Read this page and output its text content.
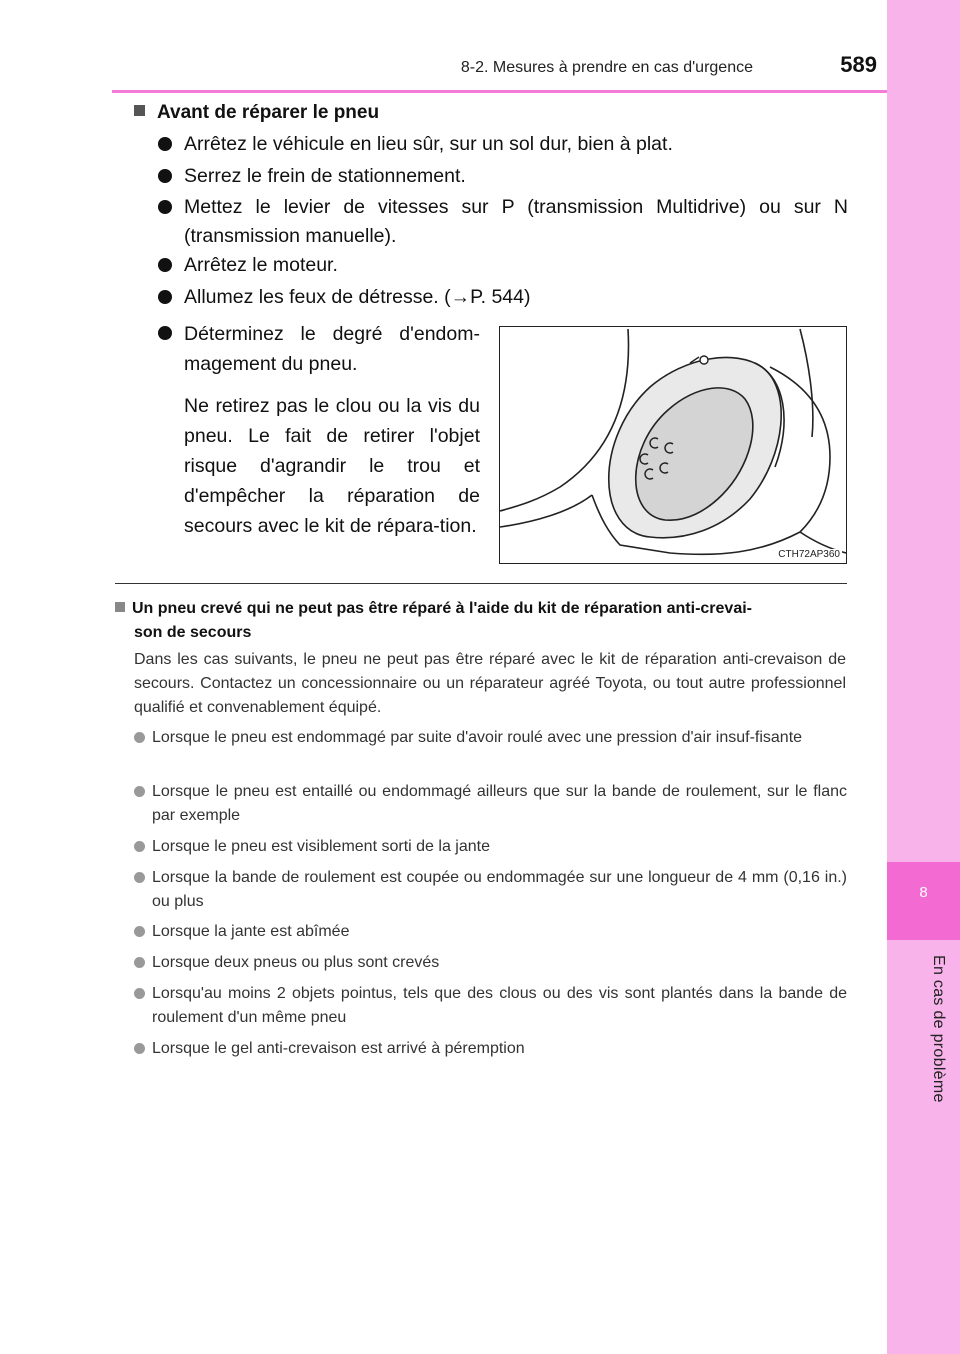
8-2. Mesures à prendre en cas d'urgence	589
8
En cas de problème
Avant de réparer le pneu
Arrêtez le véhicule en lieu sûr, sur un sol dur, bien à plat.
Serrez le frein de stationnement.
Mettez le levier de vitesses sur P (transmission Multidrive) ou sur N (transmission manuelle).
Arrêtez le moteur.
Allumez les feux de détresse. (→P. 544)
Déterminez le degré d'endom-magement du pneu.
Ne retirez pas le clou ou la vis du pneu. Le fait de retirer l'objet risque d'agrandir le trou et d'empêcher la réparation de secours avec le kit de répara-tion.
CTH72AP360
Un pneu crevé qui ne peut pas être réparé à l'aide du kit de réparation anti-crevai-
son de secours
Dans les cas suivants, le pneu ne peut pas être réparé avec le kit de réparation anti-crevaison de secours. Contactez un concessionnaire ou un réparateur agréé Toyota, ou tout autre professionnel qualifié et convenablement équipé.
Lorsque le pneu est endommagé par suite d'avoir roulé avec une pression d'air insuf-fisante
Lorsque le pneu est entaillé ou endommagé ailleurs que sur la bande de roulement, sur le flanc par exemple
Lorsque le pneu est visiblement sorti de la jante
Lorsque la bande de roulement est coupée ou endommagée sur une longueur de 4 mm (0,16 in.) ou plus
Lorsque la jante est abîmée
Lorsque deux pneus ou plus sont crevés
Lorsqu'au moins 2 objets pointus, tels que des clous ou des vis sont plantés dans la bande de roulement d'un même pneu
Lorsque le gel anti-crevaison est arrivé à péremption
